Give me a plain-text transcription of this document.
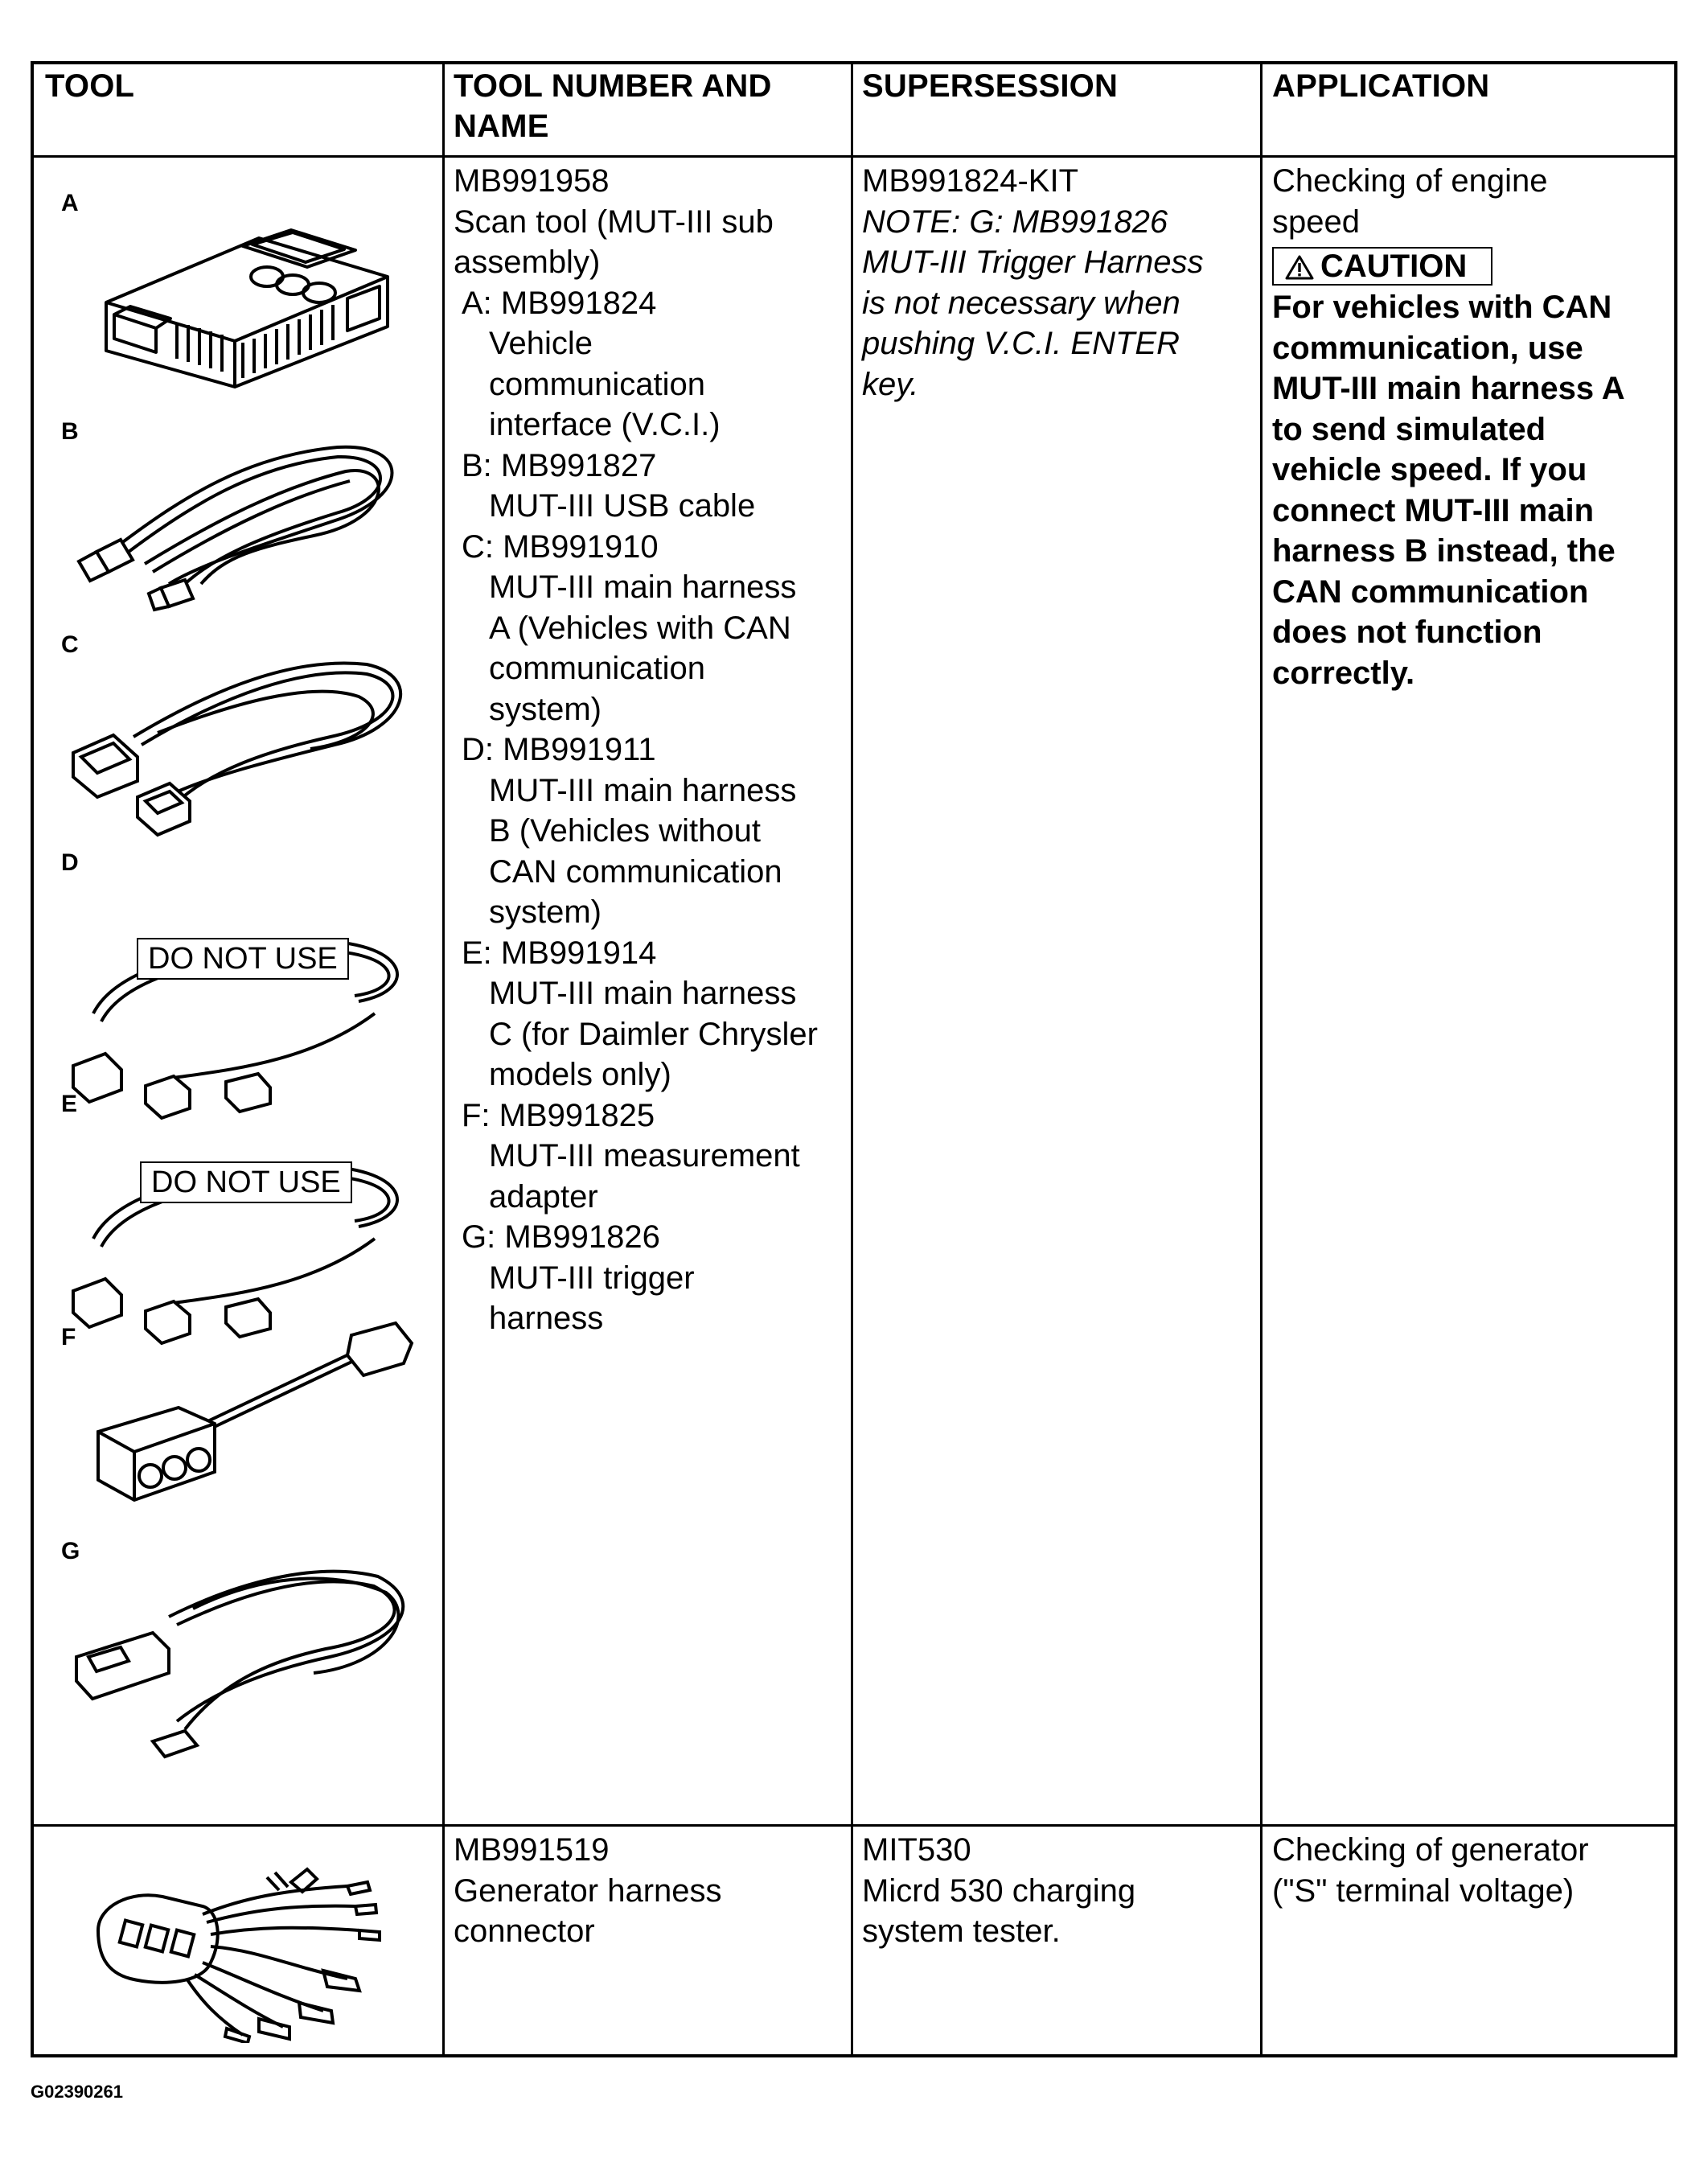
TOOL	TOOL NUMBER AND
NAME
SUPERSESSION	APPLICATION
A
B
C
D
E
F
G
DO NOT USE
DO NOT USE
MB991958
Scan tool (MUT-III sub
assembly)
A: MB991824
Vehicle
communication
interface (V.C.I.)
B: MB991827
MUT-III USB cable
C: MB991910
MUT-III main harness
A (Vehicles with CAN
communication
system)
D: MB991911
MUT-III main harness
B (Vehicles without
CAN communication
system)
E: MB991914
MUT-III main harness
C (for Daimler Chrysler
models only)
F: MB991825
MUT-III measurement
adapter
G: MB991826
MUT-III trigger
harness
MB991824-KIT
NOTE: G: MB991826
MUT-III Trigger Harness
is not necessary when
pushing V.C.I. ENTER
key.
Checking of engine
speed
CAUTION
For vehicles with CAN
communication, use
MUT-III main harness A
to send simulated
vehicle speed. If you
connect MUT-III main
harness B instead, the
CAN communication
does not function
correctly.
MB991519
Generator harness
connector
MIT530
Micrd 530 charging
system tester.
Checking of generator
("S" terminal voltage)
G02390261
